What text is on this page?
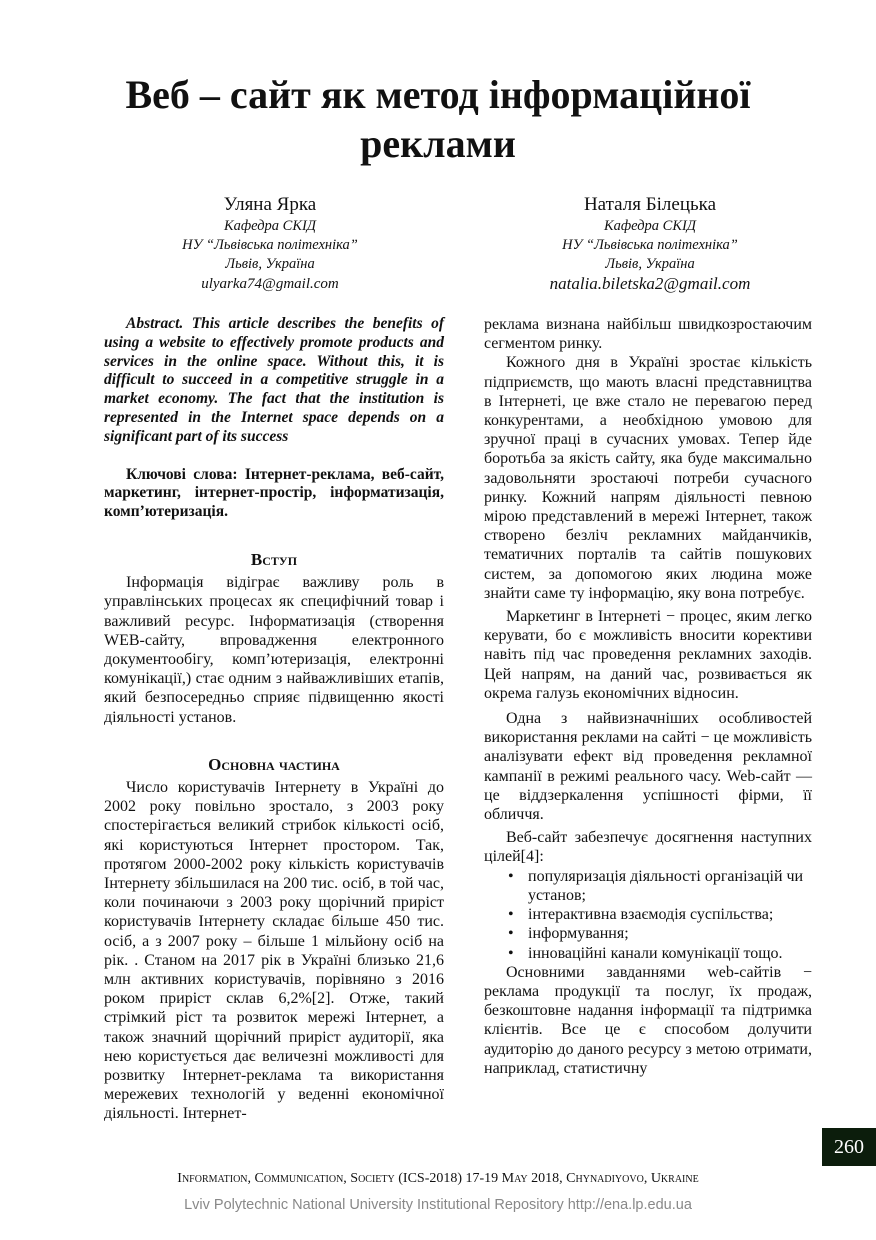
Веб – сайт як метод інформаційної реклами
Уляна Ярка
Кафедра СКІД
НУ “Львівська політехніка”
Львів, Україна
ulyarka74@gmail.com
Наталя Білецька
Кафедра СКІД
НУ “Львівська політехніка”
Львів, Україна
natalia.biletska2@gmail.com

Abstract. This article describes the benefits of using a website to effectively promote products and services in the online space. Without this, it is difficult to succeed in a competitive struggle in a market economy. The fact that the institution is represented in the Internet space depends on a significant part of its success

Ключові слова: Інтернет-реклама, веб-сайт, маркетинг, інтернет-простір, інформатизація, комп’ютеризація.

Вступ

Інформація відіграє важливу роль в управлінських процесах як специфічний товар і важливий ресурс. Інформатизація (створення WEB-сайту, впровадження електронного документообігу, комп’ютеризація, електронні комунікації,) стає одним з найважливіших етапів, який безпосередньо сприяє підвищенню якості діяльності установ.

Основна частина

Число користувачів Інтернету в Україні до 2002 року повільно зростало, з 2003 року спостерігається великий стрибок кількості осіб, які користуються Інтернет простором. Так, протягом 2000-2002 року кількість користувачів Інтернету збільшилася на 200 тис. осіб, в той час, коли починаючи з 2003 року щорічний приріст користувачів Інтернету складає більше 450 тис. осіб, а з 2007 року – більше 1 мільйону осіб на рік. . Станом на 2017 рік в Україні близько 21,6 млн активних користувачів, порівняно з 2016 роком приріст склав 6,2%[2]. Отже, такий стрімкий ріст та розвиток мережі Інтернет, а також значний щорічний приріст аудиторії, яка нею користується дає величезні можливості для розвитку Інтернет-реклама та використання мережевих технологій у веденні економічної діяльності. Інтернет-

реклама визнана найбільш швидкозростаючим сегментом ринку.

Кожного дня в Україні зростає кількість підприємств, що мають власні представництва в Інтернеті, це вже стало не перевагою перед конкурентами, а необхідною умовою для зручної праці в сучасних умовах. Тепер йде боротьба за якість сайту, яка буде максимально задовольняти зростаючі потреби сучасного ринку. Кожний напрям діяльності певною мірою представлений в мережі Інтернет, також створено безліч рекламних майданчиків, тематичних порталів та сайтів пошукових систем, за допомогою яких людина може знайти саме ту інформацію, яку вона потребує.

Маркетинг в Інтернеті − процес, яким легко керувати, бо є можливість вносити корективи навіть під час проведення рекламних заходів. Цей напрям, на даний час, розвивається як окрема галузь економічних відносин.

Одна з найвизначніших особливостей використання реклами на сайті − це можливість аналізувати ефект від проведення рекламної кампанії в режимі реального часу. Web-сайт — це віддзеркалення успішності фірми, її обличчя.

Веб-сайт забезпечує досягнення наступних цілей[4]:

• популяризація діяльності організацій чи установ;
• інтерактивна взаємодія суспільства;
• інформування;
• інноваційні канали комунікації тощо.

Основними завданнями web-сайтів − реклама продукції та послуг, їх продаж, безкоштовне надання інформації та підтримка клієнтів. Все це є способом долучити аудиторію до даного ресурсу з метою отримати, наприклад, статистичну

260
Information, Communication, Society (ICS-2018) 17-19 May 2018, Chynadiyovo, Ukraine
Lviv Polytechnic National University Institutional Repository http://ena.lp.edu.ua
